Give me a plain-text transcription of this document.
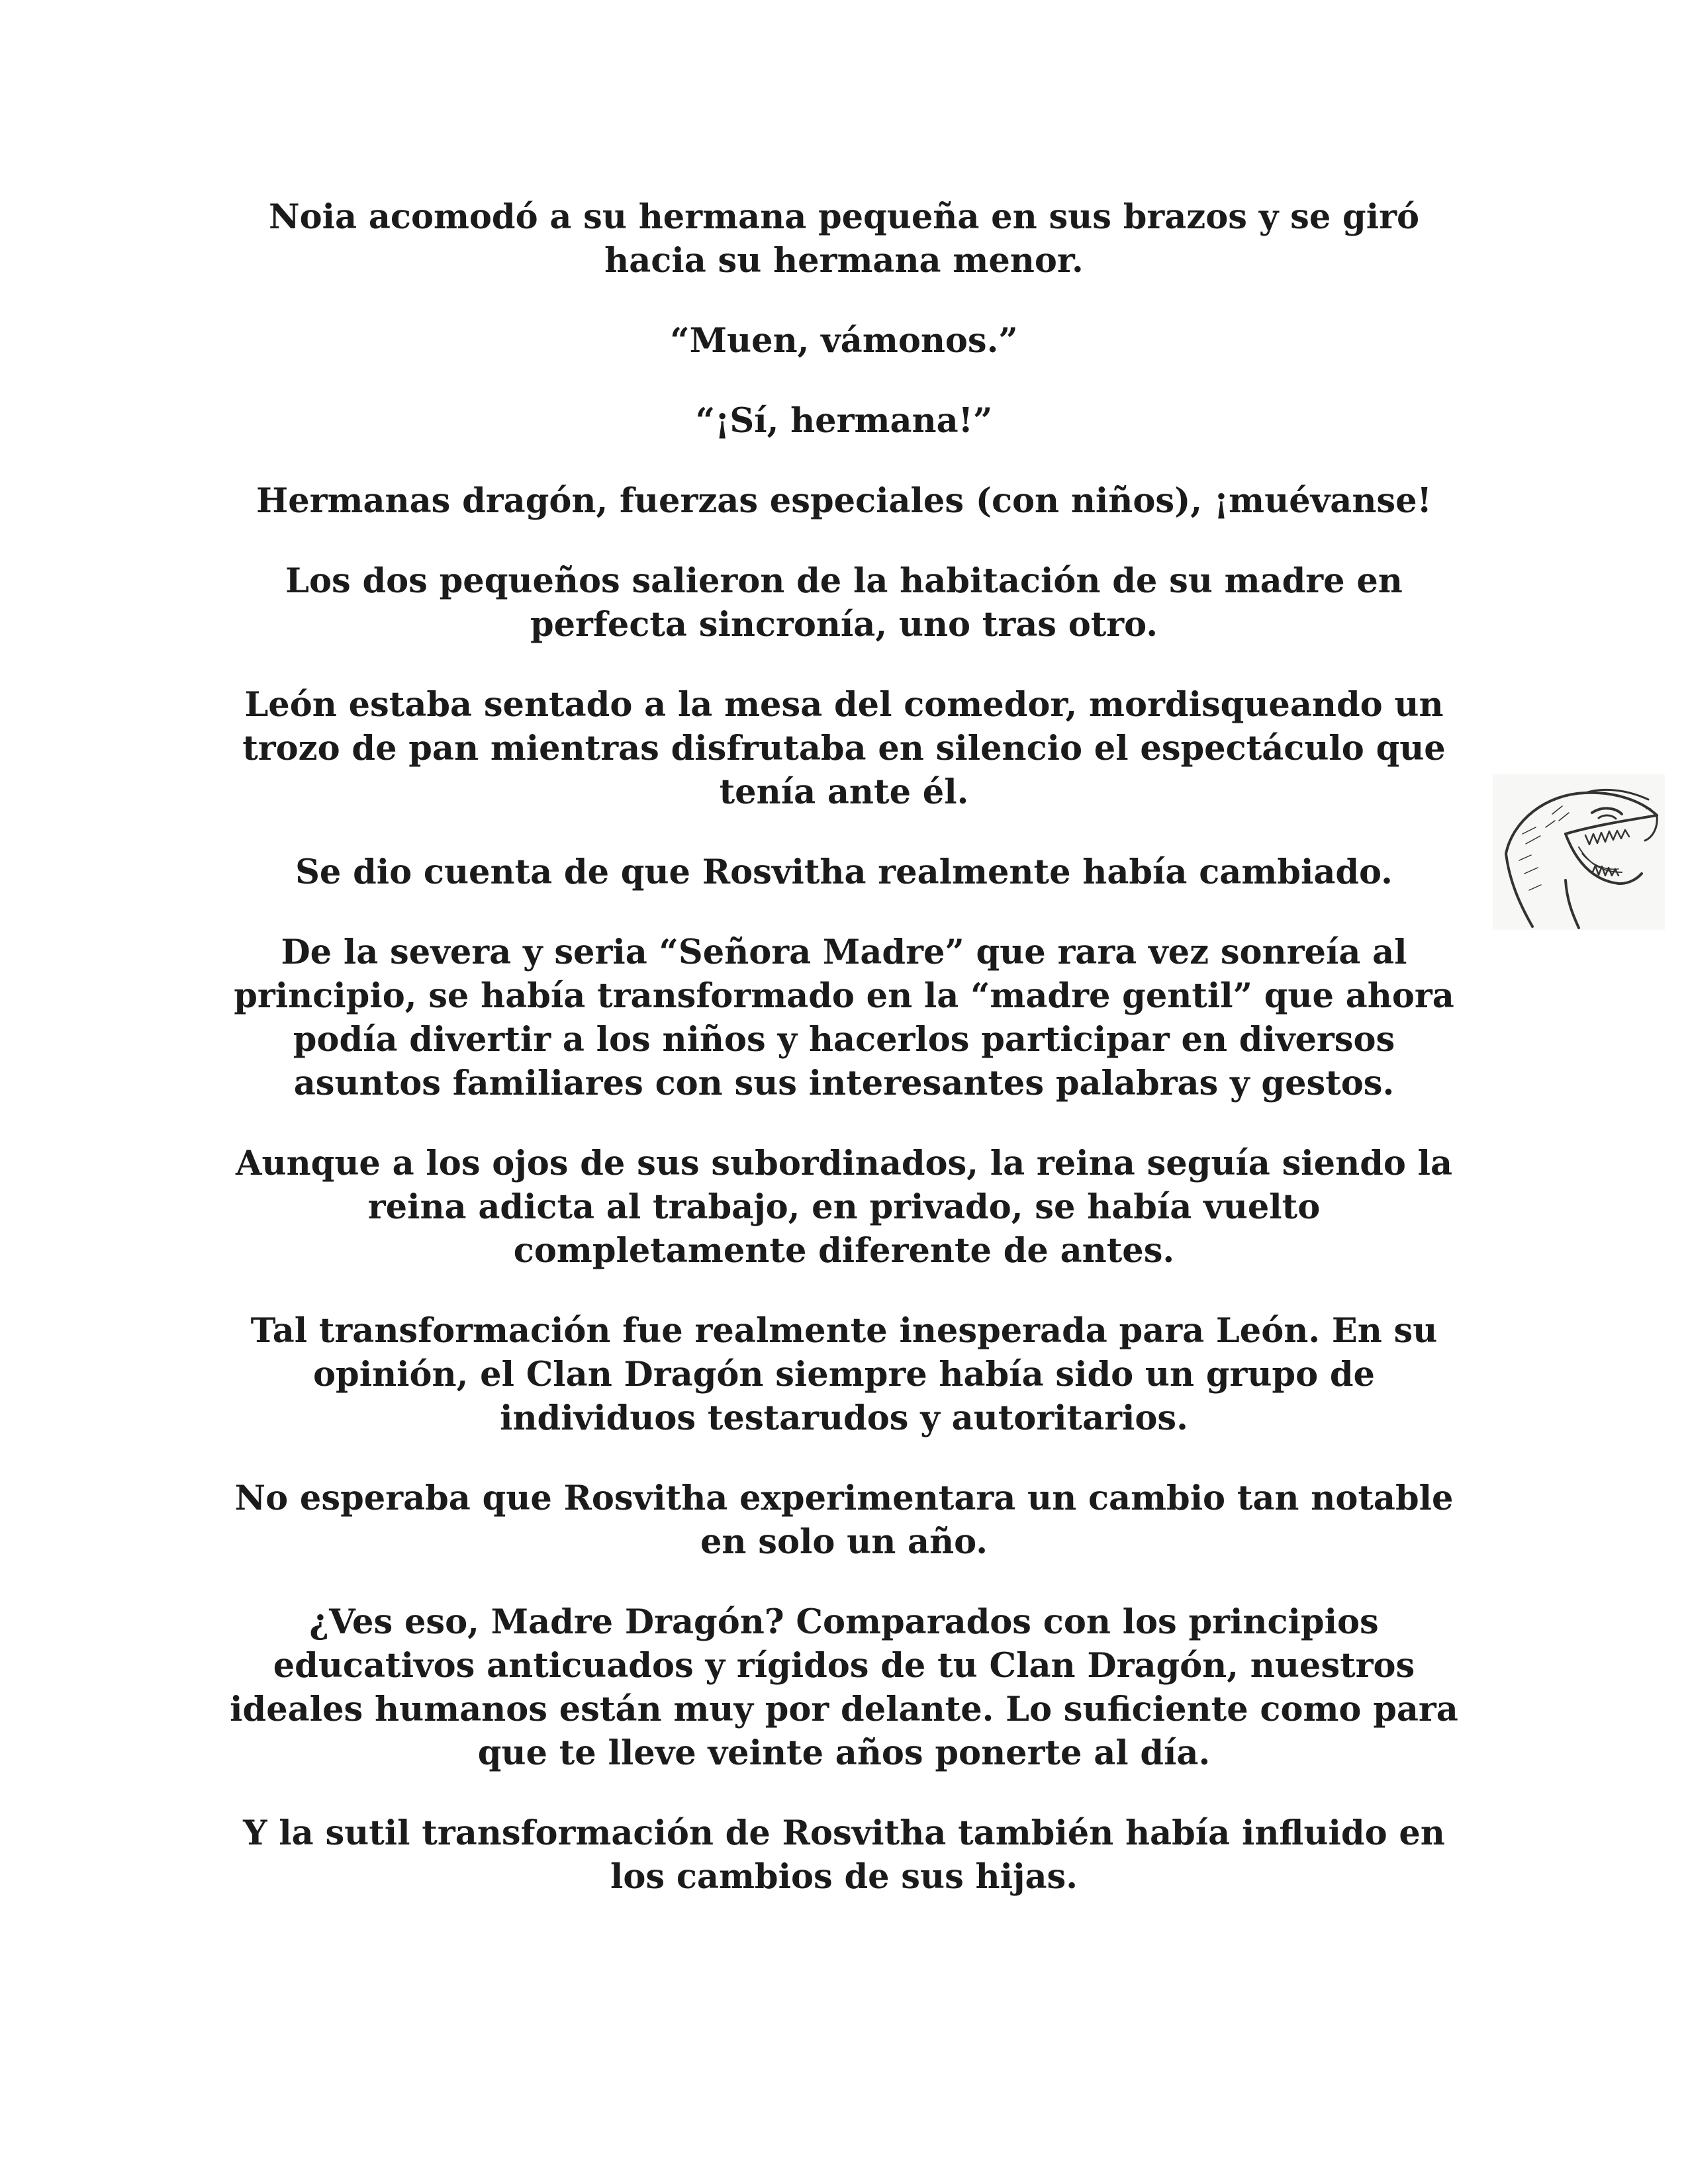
Noia acomodó a su hermana pequeña en sus brazos y se giró hacia su hermana menor.

“Muen, vámonos.”

“¡Sí, hermana!”

Hermanas dragón, fuerzas especiales (con niños), ¡muévanse!

Los dos pequeños salieron de la habitación de su madre en perfecta sincronía, uno tras otro.

León estaba sentado a la mesa del comedor, mordisqueando un trozo de pan mientras disfrutaba en silencio el espectáculo que tenía ante él.

Se dio cuenta de que Rosvitha realmente había cambiado.

De la severa y seria “Señora Madre” que rara vez sonreía al principio, se había transformado en la “madre gentil” que ahora podía divertir a los niños y hacerlos participar en diversos asuntos familiares con sus interesantes palabras y gestos.

Aunque a los ojos de sus subordinados, la reina seguía siendo la reina adicta al trabajo, en privado, se había vuelto completamente diferente de antes.

Tal transformación fue realmente inesperada para León. En su opinión, el Clan Dragón siempre había sido un grupo de individuos testarudos y autoritarios.

No esperaba que Rosvitha experimentara un cambio tan notable en solo un año.

¿Ves eso, Madre Dragón? Comparados con los principios educativos anticuados y rígidos de tu Clan Dragón, nuestros ideales humanos están muy por delante. Lo suficiente como para que te lleve veinte años ponerte al día.

Y la sutil transformación de Rosvitha también había influido en los cambios de sus hijas.
